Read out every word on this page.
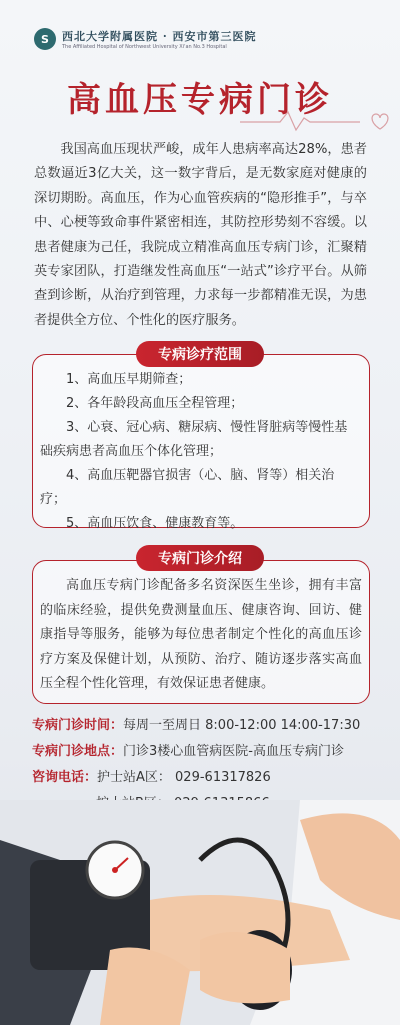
S	西北大学附属医院 · 西安市第三医院
The Affiliated Hospital of Northwest University Xi'an No.3 Hospital
高血压专病门诊
我国高血压现状严峻，成年人患病率高达28%，患者总数逼近3亿大关，这一数字背后，是无数家庭对健康的深切期盼。高血压，作为心血管疾病的“隐形推手”，与卒中、心梗等致命事件紧密相连，其防控形势刻不容缓。以患者健康为己任，我院成立精准高血压专病门诊，汇聚精英专家团队，打造继发性高血压“一站式”诊疗平台。从筛查到诊断，从治疗到管理，力求每一步都精准无误，为患者提供全方位、个性化的医疗服务。
专病诊疗范围
1、高血压早期筛查；
2、各年龄段高血压全程管理；
3、心衰、冠心病、糖尿病、慢性肾脏病等慢性基础疾病患者高血压个体化管理；
4、高血压靶器官损害（心、脑、肾等）相关治疗；
5、高血压饮食、健康教育等。
专病门诊介绍
高血压专病门诊配备多名资深医生坐诊，拥有丰富的临床经验，提供免费测量血压、健康咨询、回访、健康指导等服务，能够为每位患者制定个性化的高血压诊疗方案及保健计划，从预防、治疗、随访逐步落实高血压全程个性化管理，有效保证患者健康。
专病门诊时间：每周一至周日 8:00-12:00 14:00-17:30
专病门诊地点：门诊3楼心血管病医院-高血压专病门诊
咨询电话：护士站A区： 029-61317826
